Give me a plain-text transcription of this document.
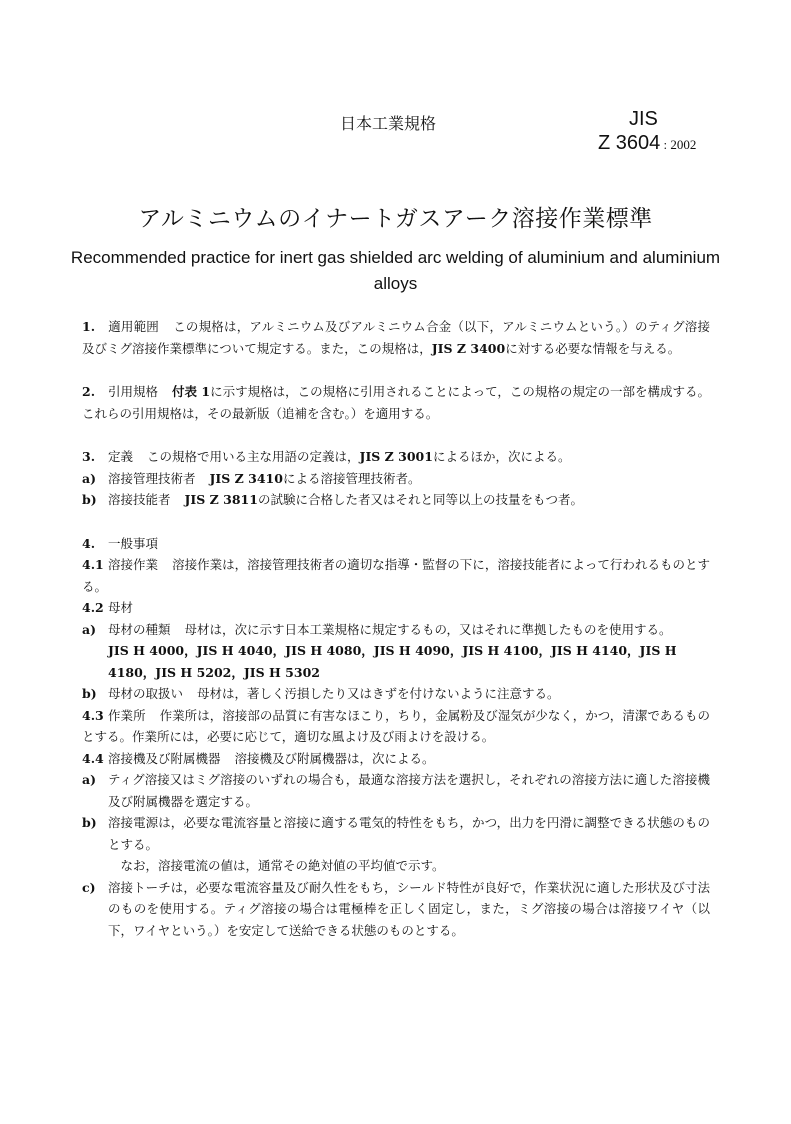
日本工業規格	JIS
Z 3604 : 2002
アルミニウムのイナートガスアーク溶接作業標準
Recommended practice for inert gas shielded arc welding of aluminium and aluminium alloys
1. 適用範囲 この規格は，アルミニウム及びアルミニウム合金（以下，アルミニウムという。）のティグ溶接及びミグ溶接作業標準について規定する。また，この規格は，JIS Z 3400に対する必要な情報を与える。
2. 引用規格 付表 1に示す規格は，この規格に引用されることによって，この規格の規定の一部を構成する。これらの引用規格は，その最新版（追補を含む。）を適用する。
3. 定義 この規格で用いる主な用語の定義は，JIS Z 3001によるほか，次による。
a) 溶接管理技術者 JIS Z 3410による溶接管理技術者。
b) 溶接技能者 JIS Z 3811の試験に合格した者又はそれと同等以上の技量をもつ者。
4. 一般事項
4.1 溶接作業 溶接作業は，溶接管理技術者の適切な指導・監督の下に，溶接技能者によって行われるものとする。
4.2 母材
a) 母材の種類 母材は，次に示す日本工業規格に規定するもの，又はそれに準拠したものを使用する。
JIS H 4000，JIS H 4040，JIS H 4080，JIS H 4090，JIS H 4100，JIS H 4140，JIS H 4180，JIS H 5202，JIS H 5302
b) 母材の取扱い 母材は，著しく汚損したり又はきずを付けないように注意する。
4.3 作業所 作業所は，溶接部の品質に有害なほこり，ちり，金属粉及び湿気が少なく，かつ，清潔であるものとする。作業所には，必要に応じて，適切な風よけ及び雨よけを設ける。
4.4 溶接機及び附属機器 溶接機及び附属機器は，次による。
a) ティグ溶接又はミグ溶接のいずれの場合も，最適な溶接方法を選択し，それぞれの溶接方法に適した溶接機及び附属機器を選定する。
b) 溶接電源は，必要な電流容量と溶接に適する電気的特性をもち，かつ，出力を円滑に調整できる状態のものとする。
なお，溶接電流の値は，通常その絶対値の平均値で示す。
c) 溶接トーチは，必要な電流容量及び耐久性をもち，シールド特性が良好で，作業状況に適した形状及び寸法のものを使用する。ティグ溶接の場合は電極棒を正しく固定し，また，ミグ溶接の場合は溶接ワイヤ（以下，ワイヤという。）を安定して送給できる状態のものとする。
